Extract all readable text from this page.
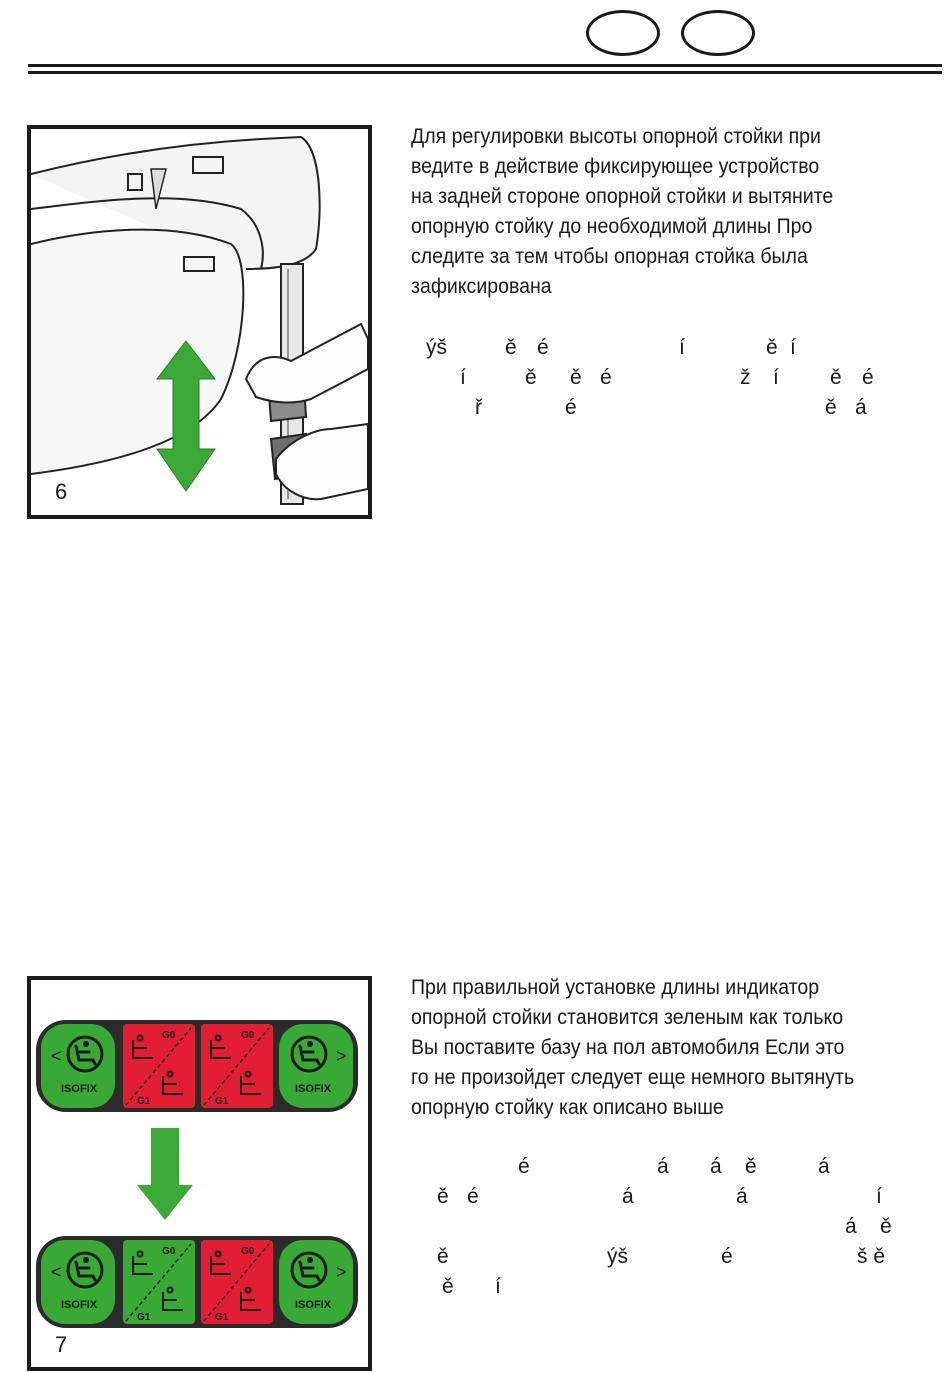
6
Для регулировки высоты опорной стойки при
ведите в действие фиксирующее устройство
на задней стороне опорной стойки и вытяните
опорную стойку до необходимой длины Про
следите за тем чтобы опорная стойка была
зафиксирована
ýš	ě é	í	ě í
í	ě ě é	ž í ě é
ř	é	ě á
<	>
ISOFIX	ISOFIX
G0	G0
G1	G1
<	>
ISOFIX	ISOFIX
G0	G0
G1	G1
7
При правильной установке длины индикатор
опорной стойки становится зеленым как только
Вы поставите базу на пол автомобиля Если это
го не произойдет следует еще немного вытянуть
опорную стойку как описано выше
é	á á ě	á
ě é	á	á	í
á ě
ě	ýš	é	š ě
ě í
